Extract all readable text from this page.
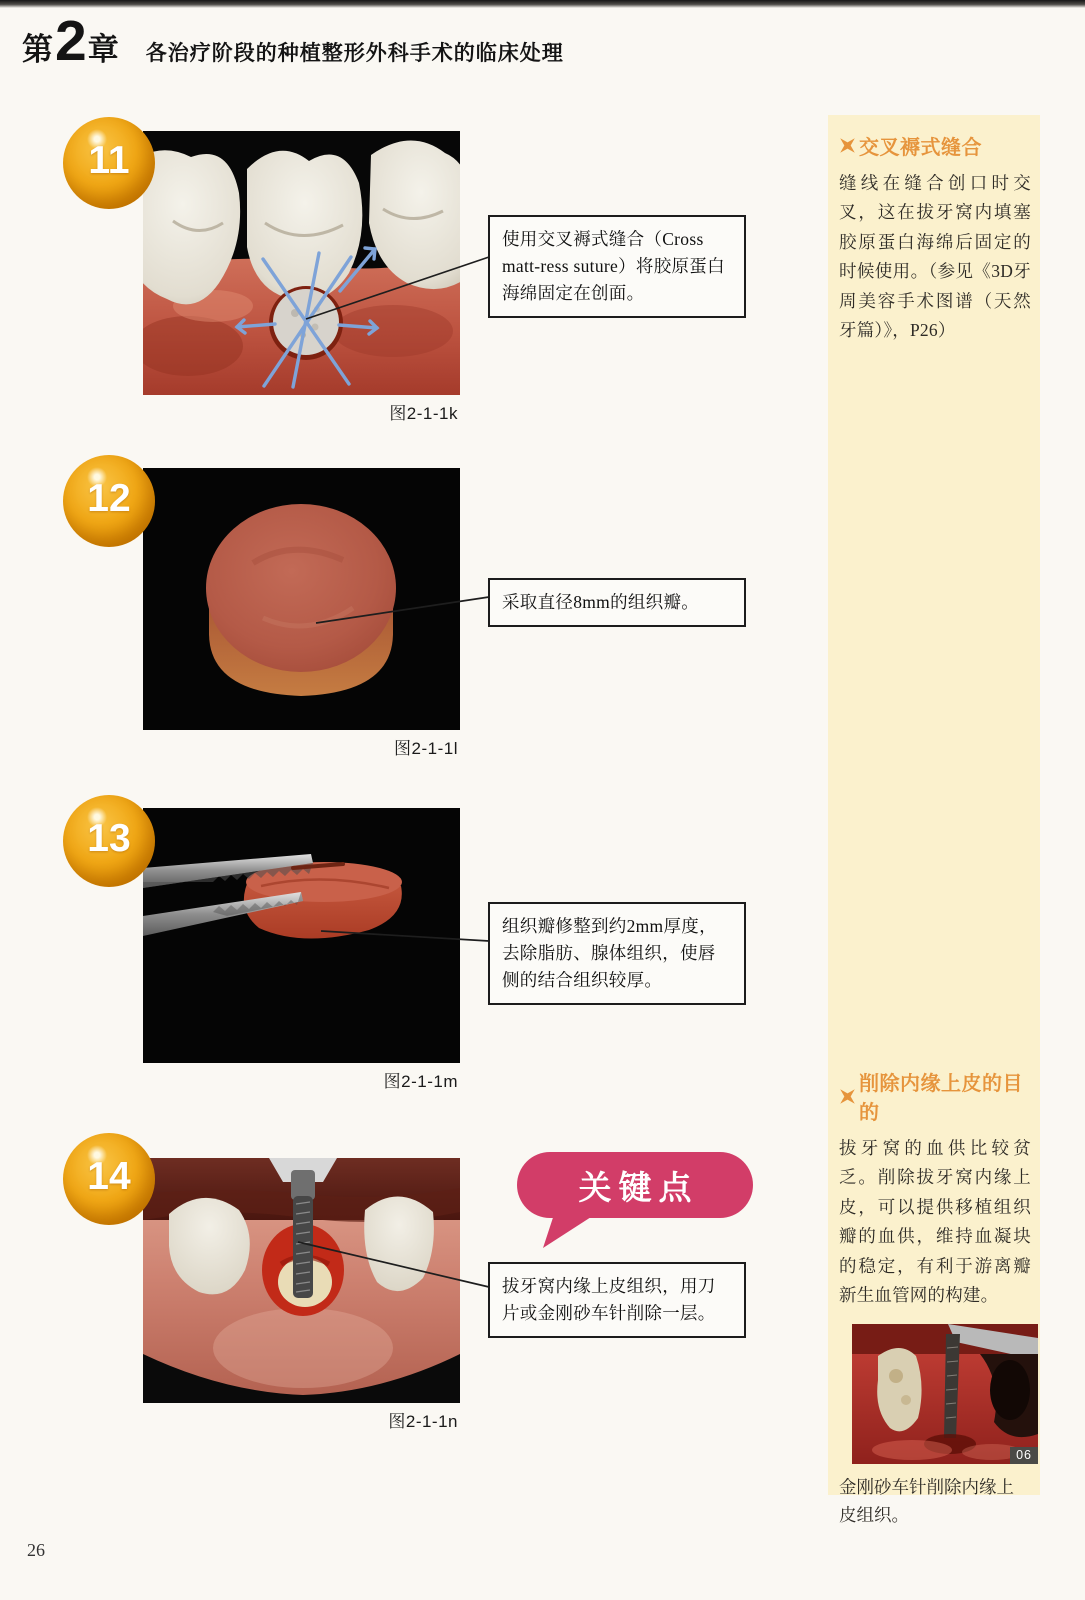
第 2 章 各治疗阶段的种植整形外科手术的临床处理
图2-1-1k
图2-1-1l
图2-1-1m
图2-1-1n
11
12
13
14
使用交叉褥式缝合（Cross matt-ress suture）将胶原蛋白海绵固定在创面。
采取直径8mm的组织瓣。
组织瓣修整到约2mm厚度，去除脂肪、腺体组织，使唇侧的结合组织较厚。
拔牙窝内缘上皮组织，用刀片或金刚砂车针削除一层。
关键点
交叉褥式缝合
缝线在缝合创口时交叉，这在拔牙窝内填塞胶原蛋白海绵后固定的时候使用。（参见《3D牙周美容手术图谱（天然牙篇）》，P26）
削除内缘上皮的目的
拔牙窝的血供比较贫乏。削除拔牙窝内缘上皮，可以提供移植组织瓣的血供，维持血凝块的稳定，有利于游离瓣新生血管网的构建。
06
金刚砂车针削除内缘上皮组织。
26
